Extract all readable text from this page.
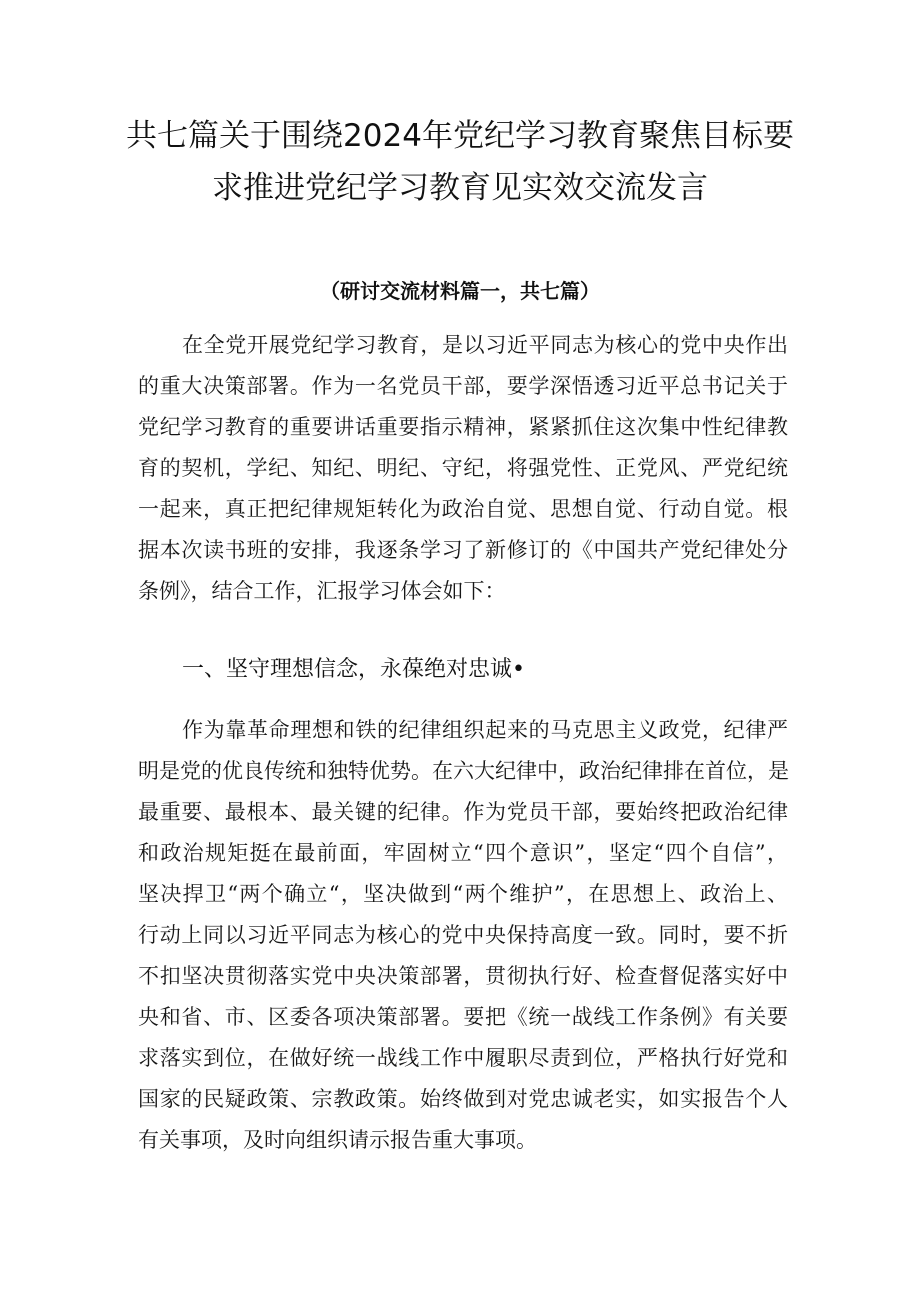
共七篇关于围绕2024年党纪学习教育聚焦目标要
求推进党纪学习教育见实效交流发言
（研讨交流材料篇一，共七篇）
在全党开展党纪学习教育，是以习近平同志为核心的党中央作出
的重大决策部署。作为一名党员干部，要学深悟透习近平总书记关于
党纪学习教育的重要讲话重要指示精神，紧紧抓住这次集中性纪律教
育的契机，学纪、知纪、明纪、守纪，将强党性、正党风、严党纪统
一起来，真正把纪律规矩转化为政治自觉、思想自觉、行动自觉。根
据本次读书班的安排，我逐条学习了新修订的《中国共产党纪律处分
条例》，结合工作，汇报学习体会如下：
一、坚守理想信念，永葆绝对忠诚•
作为靠革命理想和铁的纪律组织起来的马克思主义政党，纪律严
明是党的优良传统和独特优势。在六大纪律中，政治纪律排在首位，是
最重要、最根本、最关键的纪律。作为党员干部，要始终把政治纪律
和政治规矩挺在最前面，牢固树立“四个意识”，坚定“四个自信”，
坚决捍卫“两个确立“，坚决做到“两个维护”，在思想上、政治上、
行动上同以习近平同志为核心的党中央保持高度一致。同时，要不折
不扣坚决贯彻落实党中央决策部署，贯彻执行好、检查督促落实好中
央和省、市、区委各项决策部署。要把《统一战线工作条例》有关要
求落实到位，在做好统一战线工作中履职尽责到位，严格执行好党和
国家的民疑政策、宗教政策。始终做到对党忠诚老实，如实报告个人
有关事项，及时向组织请示报告重大事项。
